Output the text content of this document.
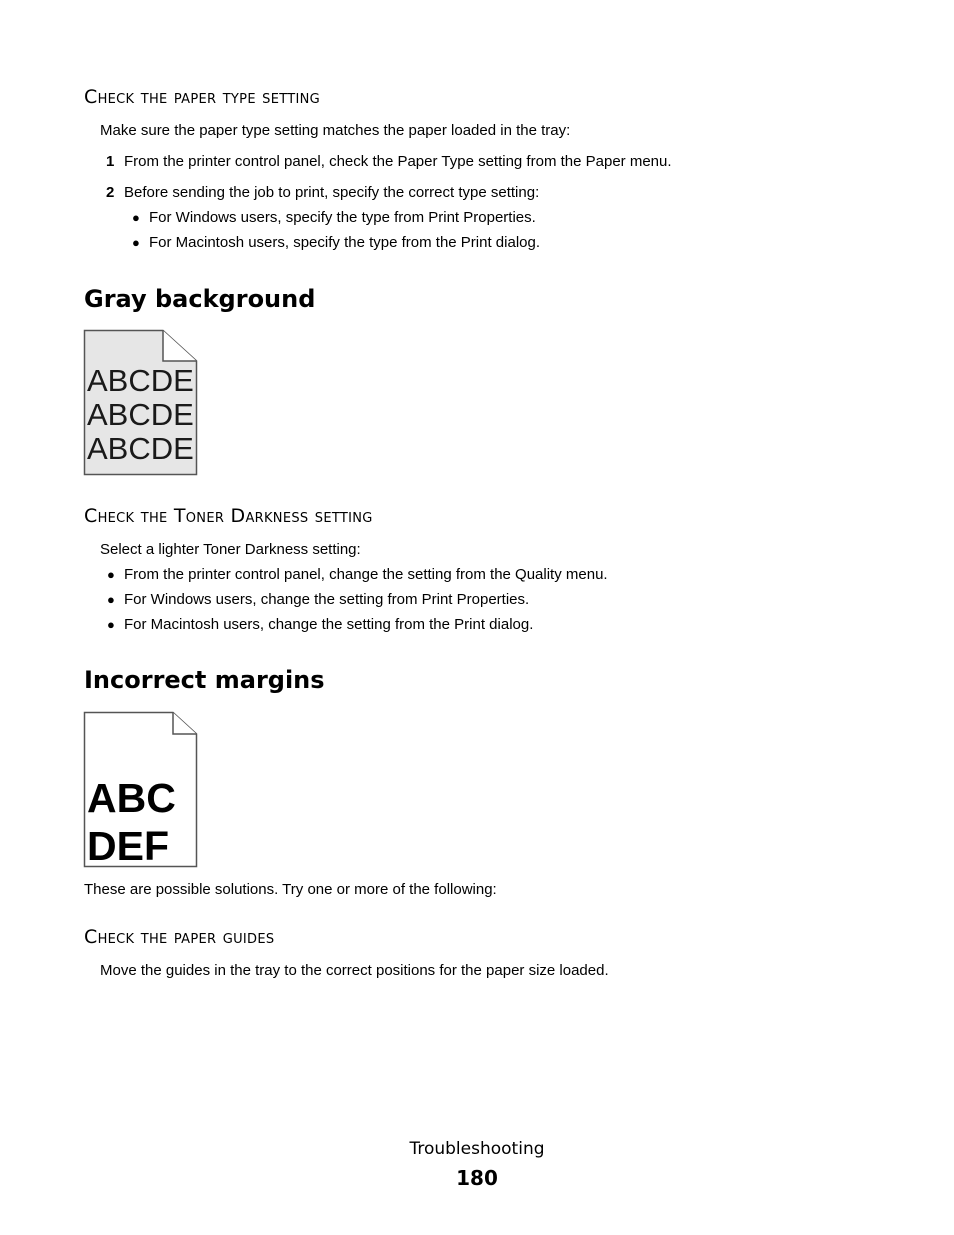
Check the paper type setting
Make sure the paper type setting matches the paper loaded in the tray:
1 From the printer control panel, check the Paper Type setting from the Paper menu.
2 Before sending the job to print, specify the correct type setting:
● For Windows users, specify the type from Print Properties.
● For Macintosh users, specify the type from the Print dialog.
Gray background
ABCDE
ABCDE
ABCDE
Check the Toner Darkness setting
Select a lighter Toner Darkness setting:
● From the printer control panel, change the setting from the Quality menu.
● For Windows users, change the setting from Print Properties.
● For Macintosh users, change the setting from the Print dialog.
Incorrect margins
ABC
DEF
These are possible solutions. Try one or more of the following:
Check the paper guides
Move the guides in the tray to the correct positions for the paper size loaded.
Troubleshooting
180
